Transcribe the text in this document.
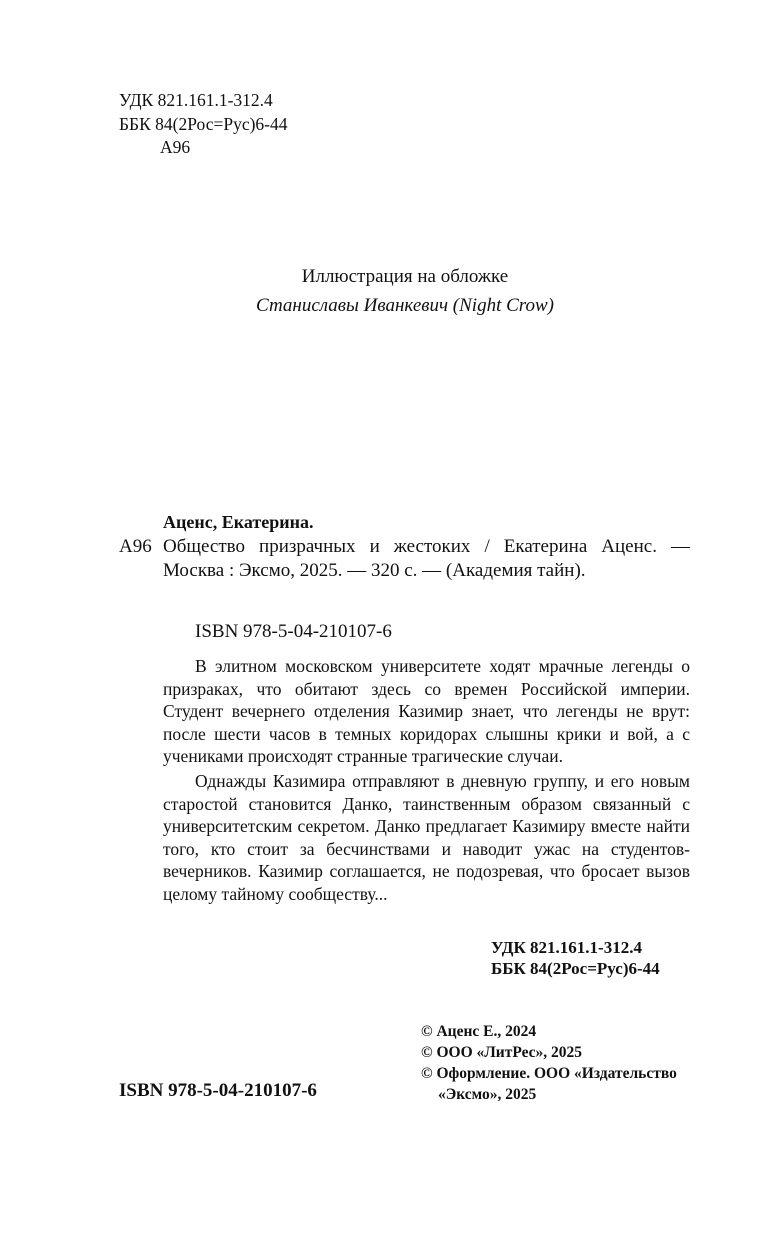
УДК 821.161.1-312.4
ББК 84(2Рос=Рус)6-44
А96
Иллюстрация на обложке
Станиславы Иванкевич (Night Crow)
Аценс, Екатерина.
А96 Общество призрачных и жестоких / Екатерина Аценс. — Москва : Эксмо, 2025. — 320 с. — (Академия тайн).
ISBN 978-5-04-210107-6

В элитном московском университете ходят мрачные легенды о призраках, что обитают здесь со времен Российской империи. Студент вечернего отделения Казимир знает, что легенды не врут: после шести часов в темных коридорах слышны крики и вой, а с учениками происходят странные трагические случаи.

Однажды Казимира отправляют в дневную группу, и его новым старостой становится Данко, таинственным образом связанный с университетским секретом. Данко предлагает Казимиру вместе найти того, кто стоит за бесчинствами и наводит ужас на студентов-вечерников. Казимир соглашается, не подозревая, что бросает вызов целому тайному сообществу...

УДК 821.161.1-312.4
ББК 84(2Рос=Рус)6-44
© Аценс Е., 2024
© ООО «ЛитРес», 2025
© Оформление. ООО «Издательство
«Эксмо», 2025
ISBN 978-5-04-210107-6
